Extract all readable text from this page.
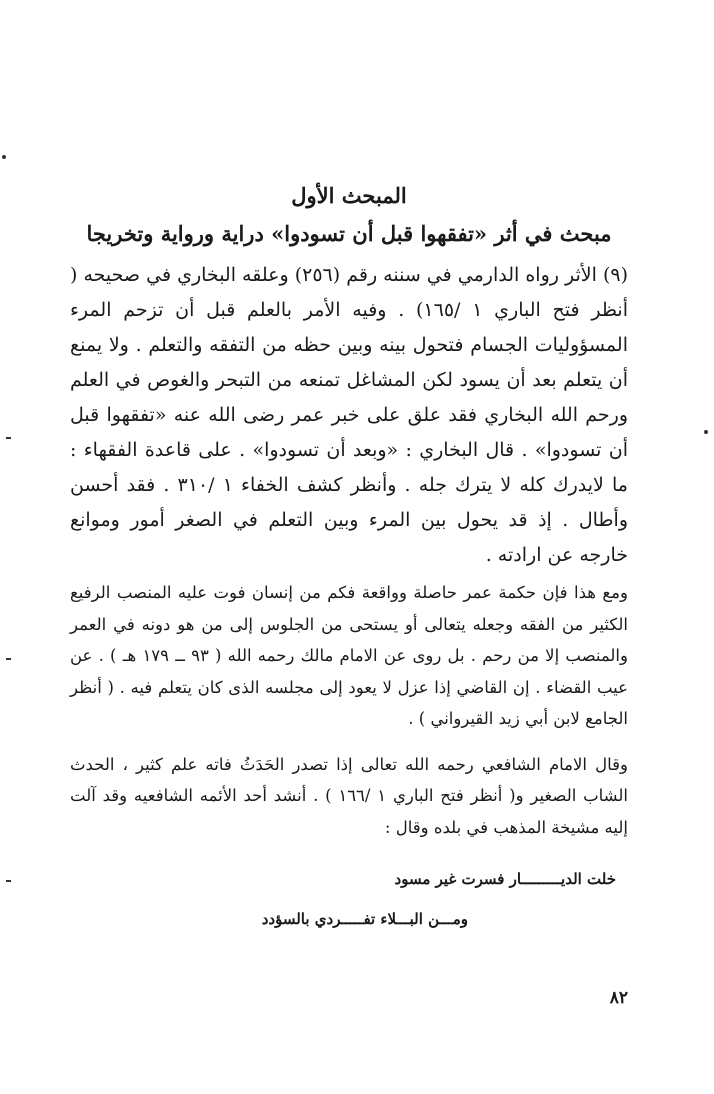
المبحث الأول
مبحث في أثر «تفقهوا قبل أن تسودوا» دراية ورواية وتخريجا

(٩) الأثر رواه الدارمي في سننه رقم (٢٥٦) وعلقه البخاري في صحيحه ( أنظر فتح الباري ١ /١٦٥) . وفيه الأمر بالعلم قبل أن تزحم المرء المسؤوليات الجسام فتحول بينه وبين حظه من التفقه والتعلم . ولا يمنع أن يتعلم بعد أن يسود لكن المشاغل تمنعه من التبحر والغوص في العلم ورحم الله البخاري فقد علق على خبر عمر رضى الله عنه «تفقهوا قبل أن تسودوا» . قال البخاري : «وبعد أن تسودوا» . على قاعدة الفقهاء : ما لايدرك كله لا يترك جله . وأنظر كشف الخفاء ١ /٣١٠ . فقد أحسن وأطال . إذ قد يحول بين المرء وبين التعلم في الصغر أمور وموانع خارجه عن ارادته .

ومع هذا فإن حكمة عمر حاصلة وواقعة فكم من إنسان فوت عليه المنصب الرفيع الكثير من الفقه وجعله يتعالى أو يستحى من الجلوس إلى من هو دونه في العمر والمنصب إلا من رحم . بل روى عن الامام مالك رحمه الله ( ٩٣ ــ ١٧٩ هـ ) . عن عيب القضاء . إن القاضي إذا عزل لا يعود إلى مجلسه الذى كان يتعلم فيه . ( أنظر الجامع لابن أبي زيد القيرواني ) .

وقال الامام الشافعي رحمه الله تعالى إذا تصدر الحَدَثُ فاته علم كثير ، الحدث الشاب الصغير و( أنظر فتح الباري ١ /١٦٦ ) . أنشد أحد الأئمه الشافعيه وقد آلت إليه مشيخة المذهب في بلده وقال :

خلت الديـــــــــار فسرت غير مسود
ومـــن البـــلاء تفـــــردي بالسؤدد
٨٢
